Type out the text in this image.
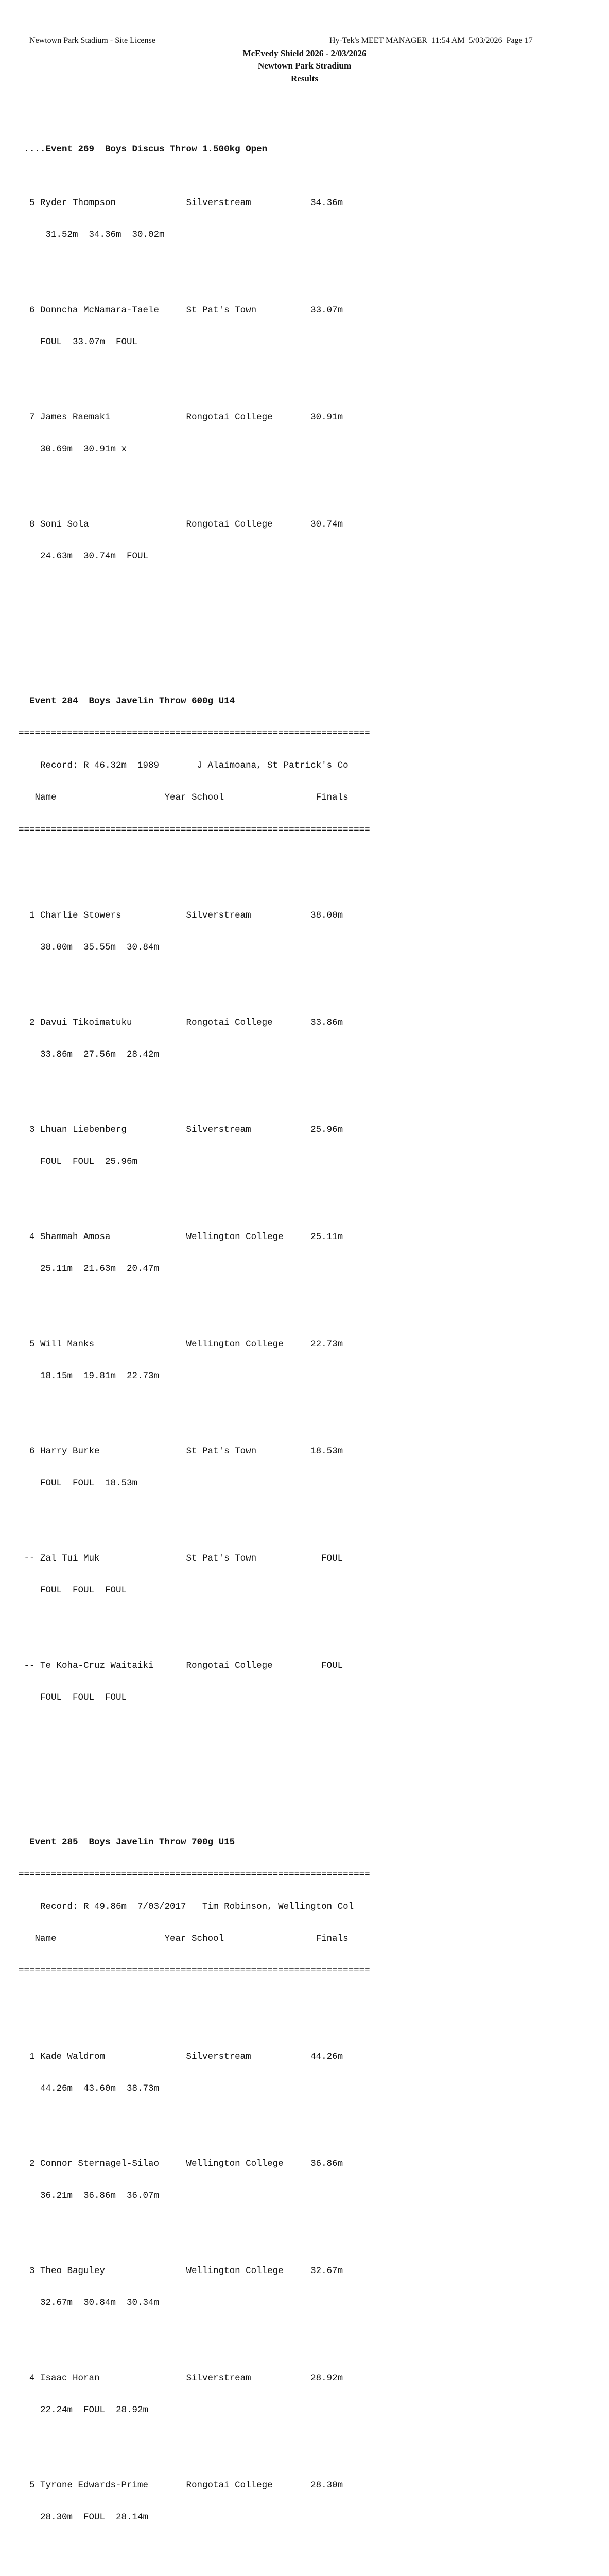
Newtown Park Stadium - Site License	Hy-Tek's MEET MANAGER  11:54 AM  5/03/2026  Page 17
McEvedy Shield 2026 - 2/03/2026
Newtown Park Stradium
Results

....Event 269  Boys Discus Throw 1.500kg Open

5 Ryder Thompson             Silverstream           34.36m

31.52m  34.36m  30.02m

6 Donncha McNamara-Taele     St Pat's Town          33.07m

FOUL  33.07m  FOUL

7 James Raemaki              Rongotai College       30.91m

30.69m  30.91m x

8 Soni Sola                  Rongotai College       30.74m

24.63m  30.74m  FOUL

Event 284  Boys Javelin Throw 600g U14

=================================================================

Record: R 46.32m  1989       J Alaimoana, St Patrick's Co

Name                    Year School                 Finals

=================================================================

1 Charlie Stowers            Silverstream           38.00m

38.00m  35.55m  30.84m

2 Davui Tikoimatuku          Rongotai College       33.86m

33.86m  27.56m  28.42m

3 Lhuan Liebenberg           Silverstream           25.96m

FOUL  FOUL  25.96m

4 Shammah Amosa              Wellington College     25.11m

25.11m  21.63m  20.47m

5 Will Manks                 Wellington College     22.73m

18.15m  19.81m  22.73m

6 Harry Burke                St Pat's Town          18.53m

FOUL  FOUL  18.53m

-- Zal Tui Muk                St Pat's Town            FOUL

FOUL  FOUL  FOUL

-- Te Koha-Cruz Waitaiki      Rongotai College         FOUL

FOUL  FOUL  FOUL

Event 285  Boys Javelin Throw 700g U15

=================================================================

Record: R 49.86m  7/03/2017   Tim Robinson, Wellington Col

Name                    Year School                 Finals

=================================================================

1 Kade Waldrom               Silverstream           44.26m

44.26m  43.60m  38.73m

2 Connor Sternagel-Silao     Wellington College     36.86m

36.21m  36.86m  36.07m

3 Theo Baguley               Wellington College     32.67m

32.67m  30.84m  30.34m

4 Isaac Horan                Silverstream           28.92m

22.24m  FOUL  28.92m

5 Tyrone Edwards-Prime       Rongotai College       28.30m

28.30m  FOUL  28.14m
